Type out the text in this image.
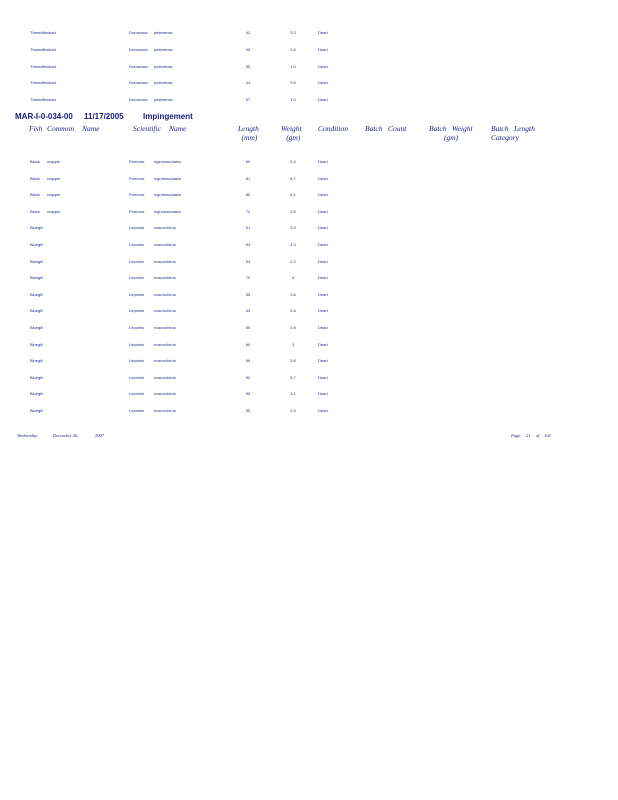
Threadfin shad	Dorosoma petenense	42	3.3	Dead
Threadfin shad	Dorosoma petenense	45	3.5	Dead
Threadfin shad	Dorosoma petenense	55	1.0	Dead
Threadfin shad	Dorosoma petenense	44	3.5	Dead
Threadfin shad	Dorosoma petenense	57	1.0	Dead
MAR-I-0-034-00 11/17/2005 Impingement
Fish Common Name	Scientific Name	Length
(mm)
Weight
(gm)
Condition Batch Count	Batch Weight
(gm)
Batch Length
Category
Black crappie	Pomoxis nigromaculatus	60	2.4	Dead
Black crappie	Pomoxis nigromaculatus	61	5.7	Dead
Black crappie	Pomoxis nigromaculatus	60	5.1	Dead
Black crappie	Pomoxis nigromaculatus	72	3.5	Dead
Bluegill	Lepomis macrochirus	51	3.3	Dead
Bluegill	Lepomis macrochirus	54	4.3	Dead
Bluegill	Lepomis macrochirus	54	2.2	Dead
Bluegill	Lepomis macrochirus	70	4	Dead
Bluegill	Lepomis macrochirus	55	3.8	Dead
Bluegill	Lepomis macrochirus	43	5.3	Dead
Bluegill	Lepomis macrochirus	50	2.8	Dead
Bluegill	Lepomis macrochirus	60	3	Dead
Bluegill	Lepomis macrochirus	55	3.8	Dead
Bluegill	Lepomis macrochirus	52	5.7	Dead
Bluegill	Lepomis macrochirus	55	4.1	Dead
Bluegill	Lepomis macrochirus	55	2.5	Dead
Wednesday,	December 26,	2007	Page 21 of 102
